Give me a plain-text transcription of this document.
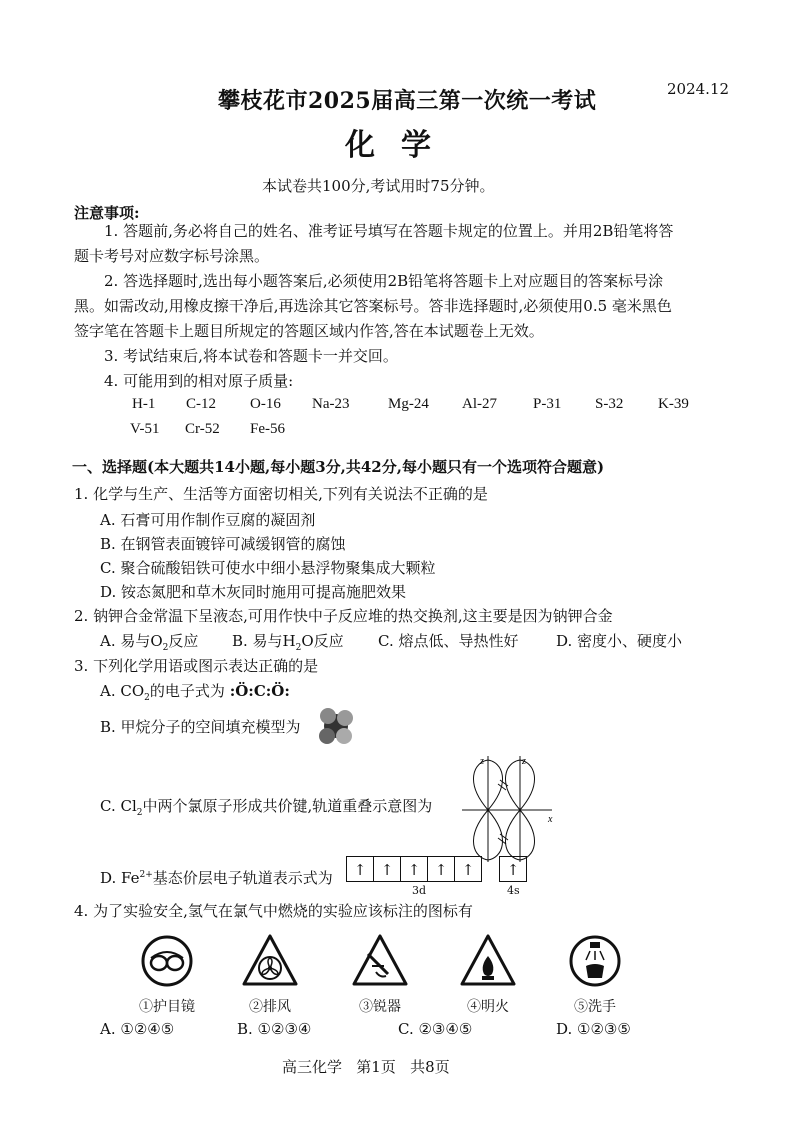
攀枝花市2025届高三第一次统一考试	2024.12
化学
本试卷共100分,考试用时75分钟。
注意事项:
1. 答题前,务必将自己的姓名、准考证号填写在答题卡规定的位置上。并用2B铅笔将答
题卡考号对应数字标号涂黑。
2. 答选择题时,选出每小题答案后,必须使用2B铅笔将答题卡上对应题目的答案标号涂
黑。如需改动,用橡皮擦干净后,再选涂其它答案标号。答非选择题时,必须使用0.5 毫米黑色
签字笔在答题卡上题目所规定的答题区域内作答,答在本试题卷上无效。
3. 考试结束后,将本试卷和答题卡一并交回。
4. 可能用到的相对原子质量:
H-1 C-12 O-16 Na-23	Mg-24 Al-27 P-31 S-32 K-39
V-51 Cr-52 Fe-56
一、选择题(本大题共14小题,每小题3分,共42分,每小题只有一个选项符合题意)
1. 化学与生产、生活等方面密切相关,下列有关说法不正确的是
A. 石膏可用作制作豆腐的凝固剂
B. 在钢管表面镀锌可减缓钢管的腐蚀
C. 聚合硫酸铝铁可使水中细小悬浮物聚集成大颗粒
D. 铵态氮肥和草木灰同时施用可提高施肥效果
2. 钠钾合金常温下呈液态,可用作快中子反应堆的热交换剂,这主要是因为钠钾合金
A. 易与$O_2$反应 B. 易与$H_2O$反应 C. 熔点低、导热性好	D. 密度小、硬度小
3. 下列化学用语或图示表达正确的是
A. $CO_2$的电子式为 :Ö:C:Ö:
B. 甲烷分子的空间填充模型为
C. $Cl_2$中两个氯原子形成共价键,轨道重叠示意图为
z	z
x
D. $Fe^{2+}$基态价层电子轨道表示式为	↑ ↑ ↑ ↑ ↑	↑
3d	4s
4. 为了实验安全,氢气在氯气中燃烧的实验应该标注的图标有
①护目镜	②排风	③锐器	④明火	⑤洗手
A. ①②④⑤	B. ①②③④	C. ②③④⑤	D. ①②③⑤
高三化学   第1页   共8页
